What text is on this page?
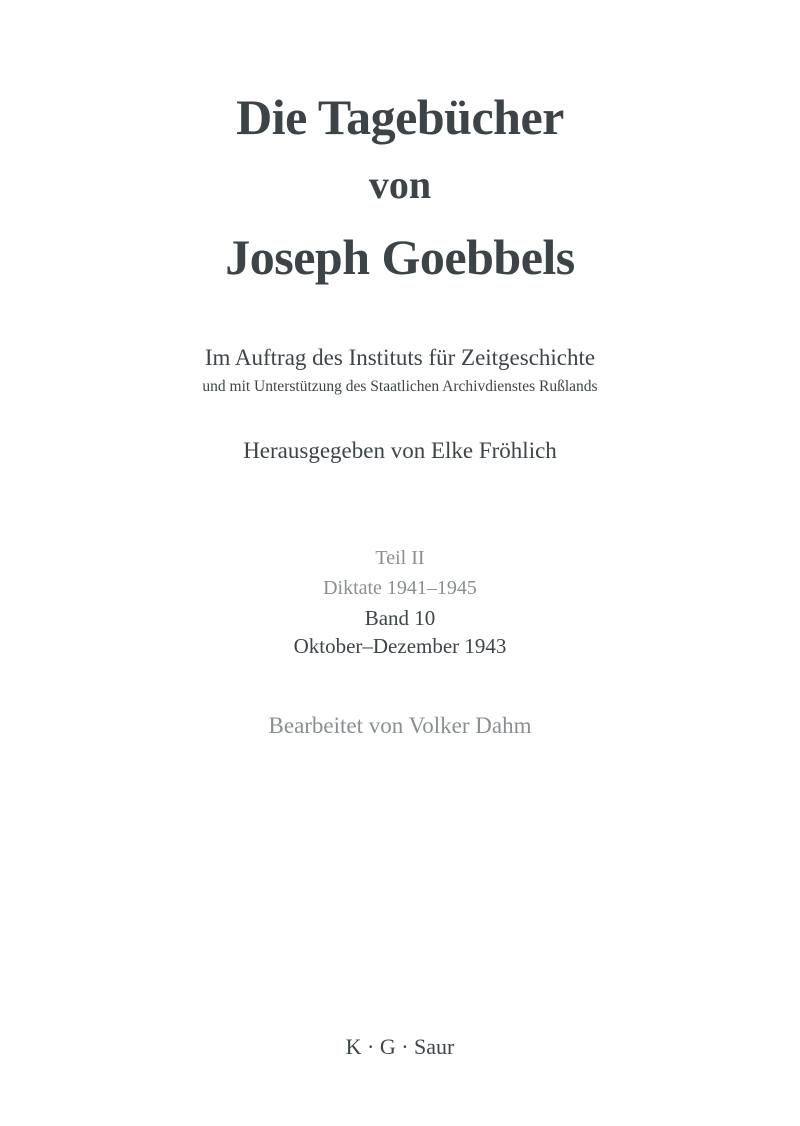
Die Tagebücher
von
Joseph Goebbels
Im Auftrag des Instituts für Zeitgeschichte
und mit Unterstützung des Staatlichen Archivdienstes Rußlands
Herausgegeben von Elke Fröhlich
Teil II
Diktate 1941–1945
Band 10
Oktober–Dezember 1943
Bearbeitet von Volker Dahm
K · G · Saur
